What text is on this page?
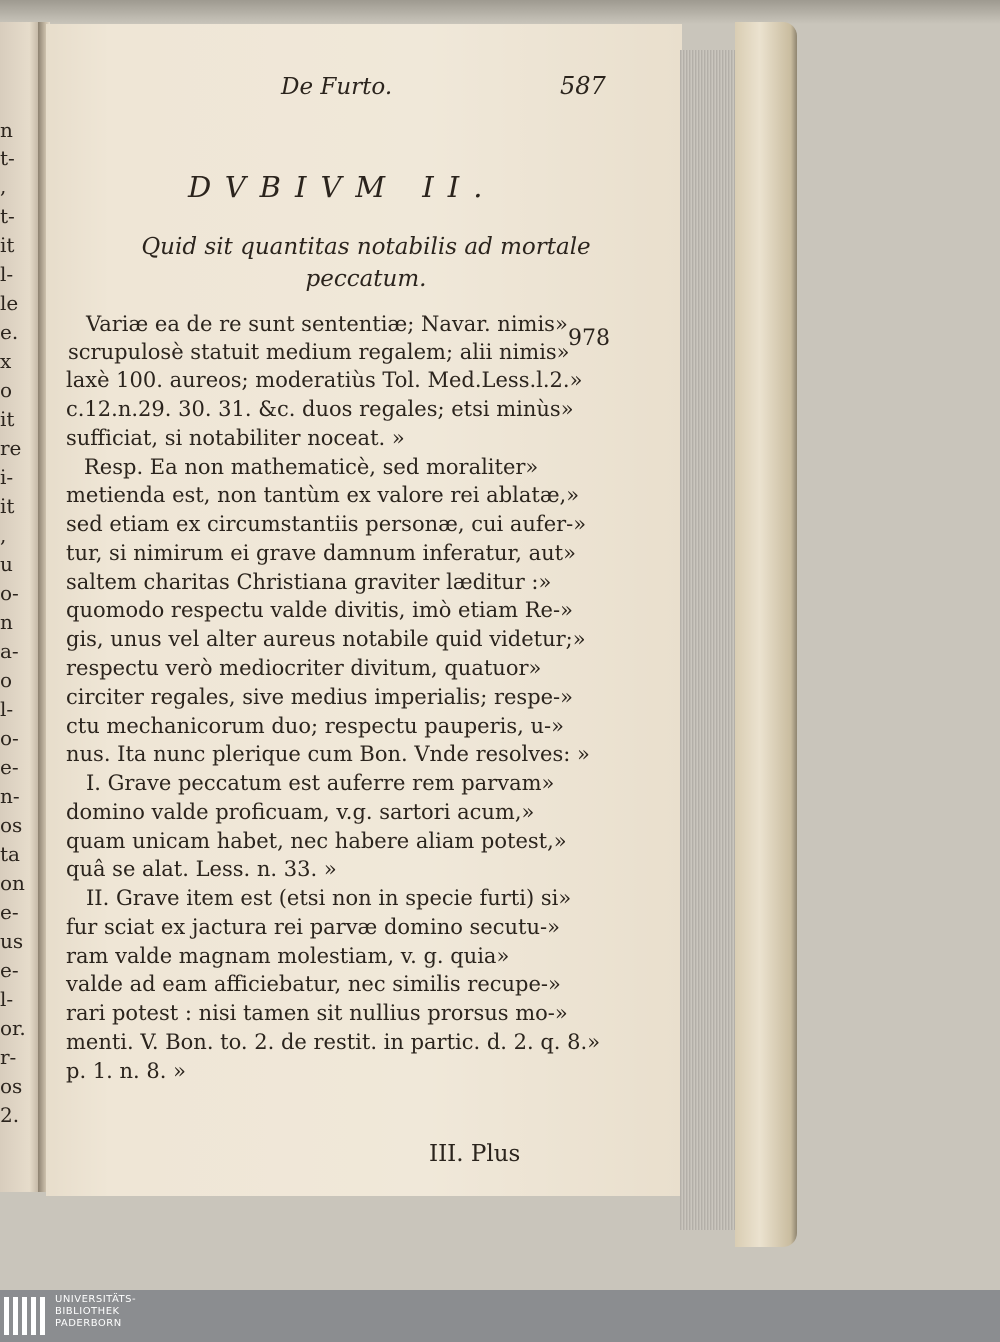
n
t-
,
t-
it
l-
le
e.
x
o
it
re
i-
it
,
u
o-
n
a-
o
l-
o-
e-
n-
os
ta
on
e-
us
e-
l-
or.
r-
os
2.
De Furto.	587
DVBIVM II.
Quid sit quantitas notabilis ad mortale peccatum.
978
Variæ ea de re sunt sententiæ; Navar. nimis»
scrupulosè statuit medium regalem; alii nimis»
laxè 100. aureos; moderatiùs Tol. Med.Less.l.2.»
c.12.n.29. 30. 31. &c. duos regales; etsi minùs»
sufficiat, si notabiliter noceat. »
Resp. Ea non mathematicè, sed moraliter»
metienda est, non tantùm ex valore rei ablatæ,»
sed etiam ex circumstantiis personæ, cui aufer-»
tur, si nimirum ei grave damnum inferatur, aut»
saltem charitas Christiana graviter læditur :»
quomodo respectu valde divitis, imò etiam Re-»
gis, unus vel alter aureus notabile quid videtur;»
respectu verò mediocriter divitum, quatuor»
circiter regales, sive medius imperialis; respe-»
ctu mechanicorum duo; respectu pauperis, u-»
nus. Ita nunc plerique cum Bon. Vnde resolves: »
I. Grave peccatum est auferre rem parvam»
domino valde proficuam, v.g. sartori acum,»
quam unicam habet, nec habere aliam potest,»
quâ se alat. Less. n. 33. »
II. Grave item est (etsi non in specie furti) si»
fur sciat ex jactura rei parvæ domino secutu-»
ram valde magnam molestiam, v. g. quia»
valde ad eam afficiebatur, nec similis recupe-»
rari potest : nisi tamen sit nullius prorsus mo-»
menti. V. Bon. to. 2. de restit. in partic. d. 2. q. 8.»
p. 1. n. 8. »
III. Plus
UNIVERSITÄTS-
BIBLIOTHEK
PADERBORN
